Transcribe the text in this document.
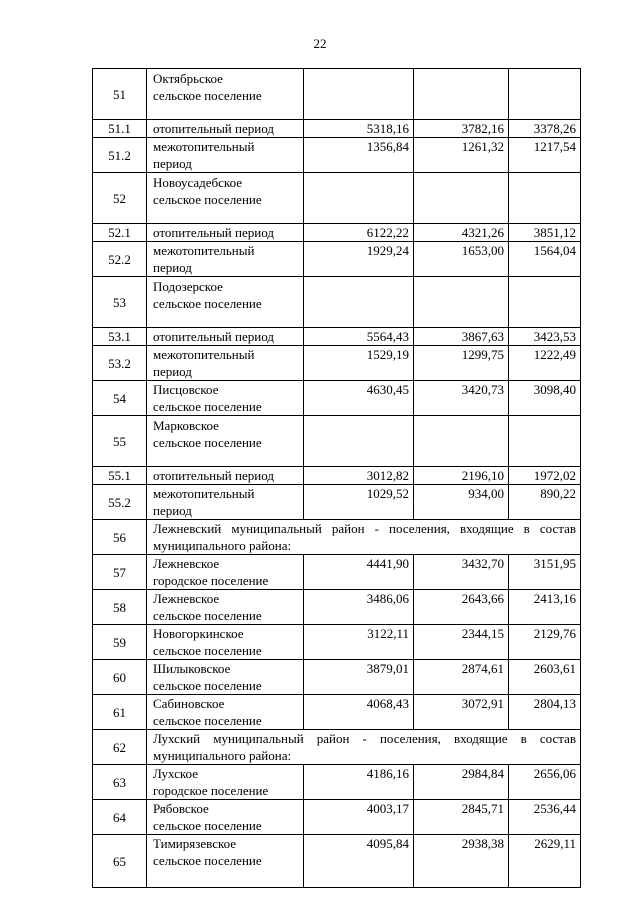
22
51	Октябрьское
сельское поселение			

51.1	отопительный период	5318,16	3782,16	3378,26
51.2	межотопительный
период	1356,84	1261,32	1217,54
52	Новоусадебское
сельское поселение			

52.1	отопительный период	6122,22	4321,26	3851,12
52.2	межотопительный
период	1929,24	1653,00	1564,04
53	Подозерское
сельское поселение			

53.1	отопительный период	5564,43	3867,63	3423,53
53.2	межотопительный
период	1529,19	1299,75	1222,49
54	Писцовское
сельское поселение	4630,45	3420,73	3098,40
55	Марковское
сельское поселение			

55.1	отопительный период	3012,82	2196,10	1972,02
55.2	межотопительный
период	1029,52	934,00	890,22
56	Лежневский муниципальный район - поселения, входящие в состав муниципального района:			
57	Лежневское
городское поселение	4441,90	3432,70	3151,95
58	Лежневское
сельское поселение	3486,06	2643,66	2413,16
59	Новогоркинское
сельское поселение	3122,11	2344,15	2129,76
60	Шилыковское
сельское поселение	3879,01	2874,61	2603,61
61	Сабиновское
сельское поселение	4068,43	3072,91	2804,13
62	Лухский муниципальный район - поселения, входящие в состав муниципального района:			
63	Лухское
городское поселение	4186,16	2984,84	2656,06
64	Рябовское
сельское поселение	4003,17	2845,71	2536,44
65	Тимирязевское
сельское поселение	4095,84	2938,38	2629,11
